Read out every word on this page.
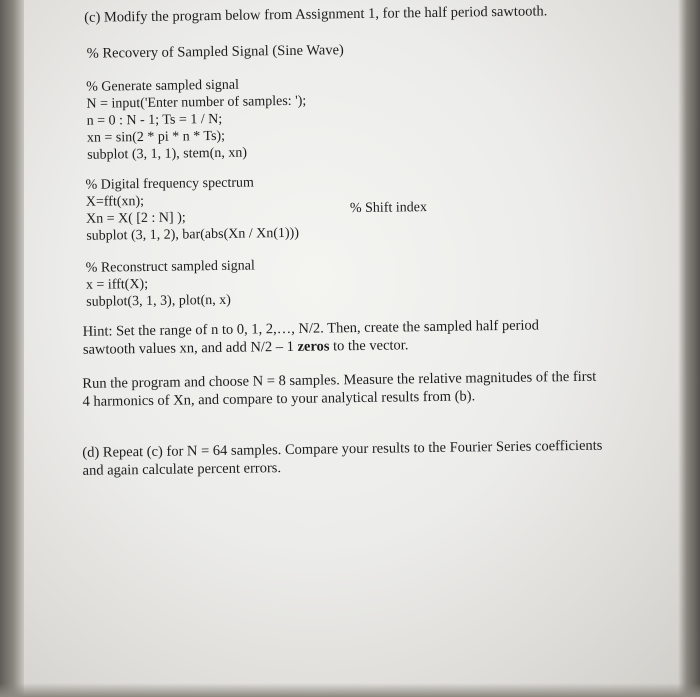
(c) Modify the program below from Assignment 1, for the half period sawtooth.
% Recovery of Sampled Signal (Sine Wave)
% Generate sampled signal
N = input('Enter number of samples: ');
n = 0 : N - 1; Ts = 1 / N;
xn = sin(2 * pi * n * Ts);
subplot (3, 1, 1), stem(n, xn)
% Digital frequency spectrum
X=fft(xn);
Xn = X( [2 : N] );
% Shift index
subplot (3, 1, 2), bar(abs(Xn / Xn(1)))
% Reconstruct sampled signal
x = ifft(X);
subplot(3, 1, 3), plot(n, x)
Hint: Set the range of n to 0, 1, 2,…, N/2. Then, create the sampled half period
sawtooth values xn, and add N/2 – 1 zeros to the vector.
Run the program and choose N = 8 samples. Measure the relative magnitudes of the first
4 harmonics of Xn, and compare to your analytical results from (b).
(d) Repeat (c) for N = 64 samples. Compare your results to the Fourier Series coefficients
and again calculate percent errors.
